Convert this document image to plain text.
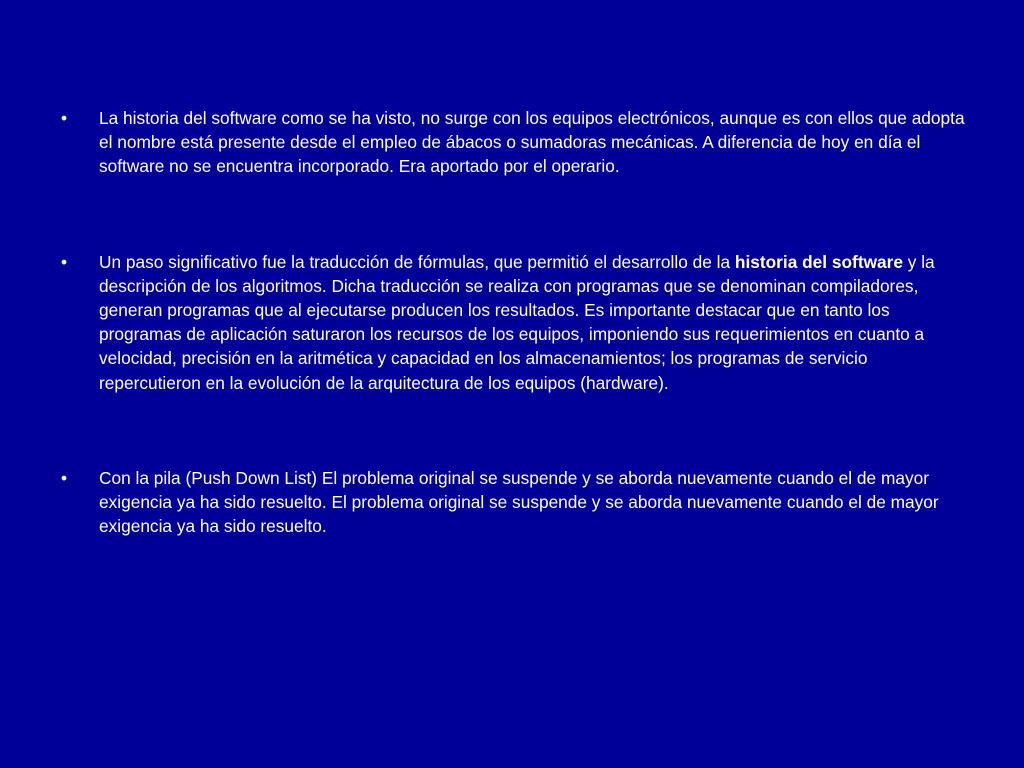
• La historia del software como se ha visto, no surge con los equipos electrónicos, aunque es con ellos que adopta el nombre está presente desde el empleo de ábacos o sumadoras mecánicas. A diferencia de hoy en día el software no se encuentra incorporado. Era aportado por el operario.
• Un paso significativo fue la traducción de fórmulas, que permitió el desarrollo de la historia del software y la descripción de los algoritmos. Dicha traducción se realiza con programas que se denominan compiladores, generan programas que al ejecutarse producen los resultados. Es importante destacar que en tanto los programas de aplicación saturaron los recursos de los equipos, imponiendo sus requerimientos en cuanto a velocidad, precisión en la aritmética y capacidad en los almacenamientos; los programas de servicio repercutieron en la evolución de la arquitectura de los equipos (hardware).
• Con la pila (Push Down List) El problema original se suspende y se aborda nuevamente cuando el de mayor exigencia ya ha sido resuelto. El problema original se suspende y se aborda nuevamente cuando el de mayor exigencia ya ha sido resuelto.
